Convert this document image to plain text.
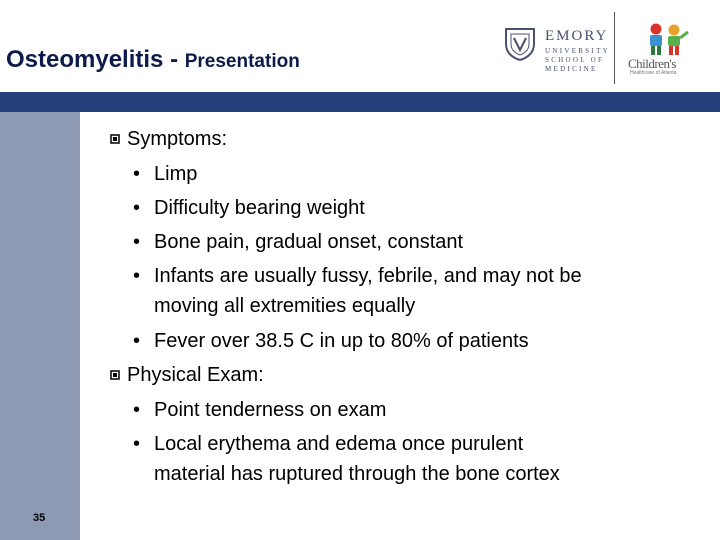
Osteomyelitis - Presentation
EMORY
UNIVERSITY
SCHOOL OF
MEDICINE Children's
Healthcare of Atlanta
35
Symptoms:
• Limp
• Difficulty bearing weight
• Bone pain, gradual onset, constant
• Infants are usually fussy, febrile, and may not be
moving all extremities equally
• Fever over 38.5 C in up to 80% of patients
Physical Exam:
• Point tenderness on exam
• Local erythema and edema once purulent
material has ruptured through the bone cortex
